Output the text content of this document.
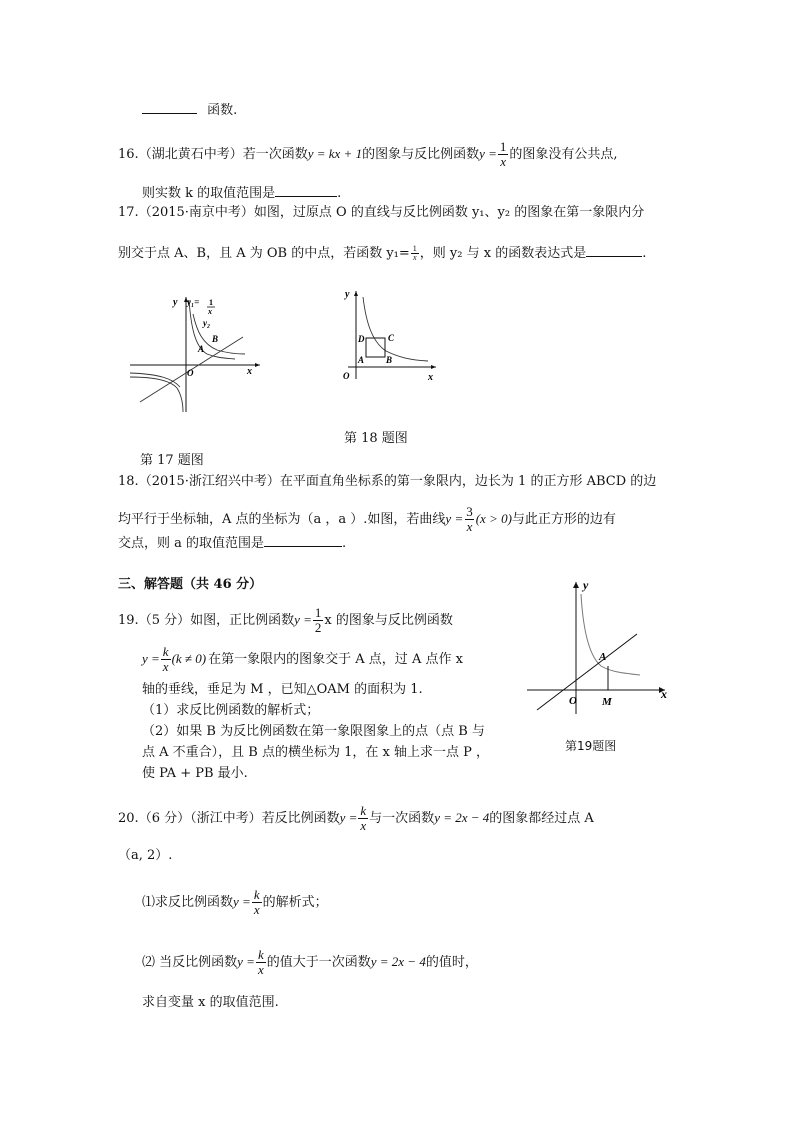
函数.
16.（湖北黄石中考）若一次函数y = kx + 1的图象与反比例函数$y = \frac{1}{x}$ 的图象没有公共点,
则实数 k 的取值范围是	.
17.（2015·南京中考）如图，过原点 O 的直线与反比例函数 y₁、y₂ 的图象在第一象限内分
别交于点 A、B，且 A 为 OB 的中点，若函数 $y_1= \frac{1}{x}$ ，则 y₂ 与 x 的函数表达式是	.
y y₁= 1
x
y₂
A
B
O	x
y
D	C
A B
O	x
第 18 题图
第 17 题图
18.（2015·浙江绍兴中考）在平面直角坐标系的第一象限内，边长为 1 的正方形 ABCD 的边
均平行于坐标轴，A 点的坐标为（a ，a ）.如图，若曲线$y = \frac{3}{x} (x > 0)$与此正方形的边有
交点，则 a 的取值范围是	.
三、解答题（共 46 分）
19.（5 分）如图，正比例函数$y = \frac{1}{2}$ x 的图象与反比例函数
$y = \frac{k}{x} (k \ne 0)$ 在第一象限内的图象交于 A 点，过 A 点作 x
轴的垂线，垂足为 M ，已知△OAM 的面积为 1.
（1）求反比例函数的解析式；
（2）如果 B 为反比例函数在第一象限图象上的点（点 B 与
点 A 不重合），且 B 点的横坐标为 1，在 x 轴上求一点 P ，
使 PA + PB 最小.
y
A
O M
x
第19题图
20.（6 分）（浙江中考）若反比例函数$y = \frac{k}{x}$ 与一次函数y = 2x − 4的图象都经过点 A
（a, 2）.
⑴求反比例函数$y = \frac{k}{x}$ 的解析式；
⑵ 当反比例函数$y = \frac{k}{x}$ 的值大于一次函数y = 2x − 4的值时，
求自变量 x 的取值范围.
